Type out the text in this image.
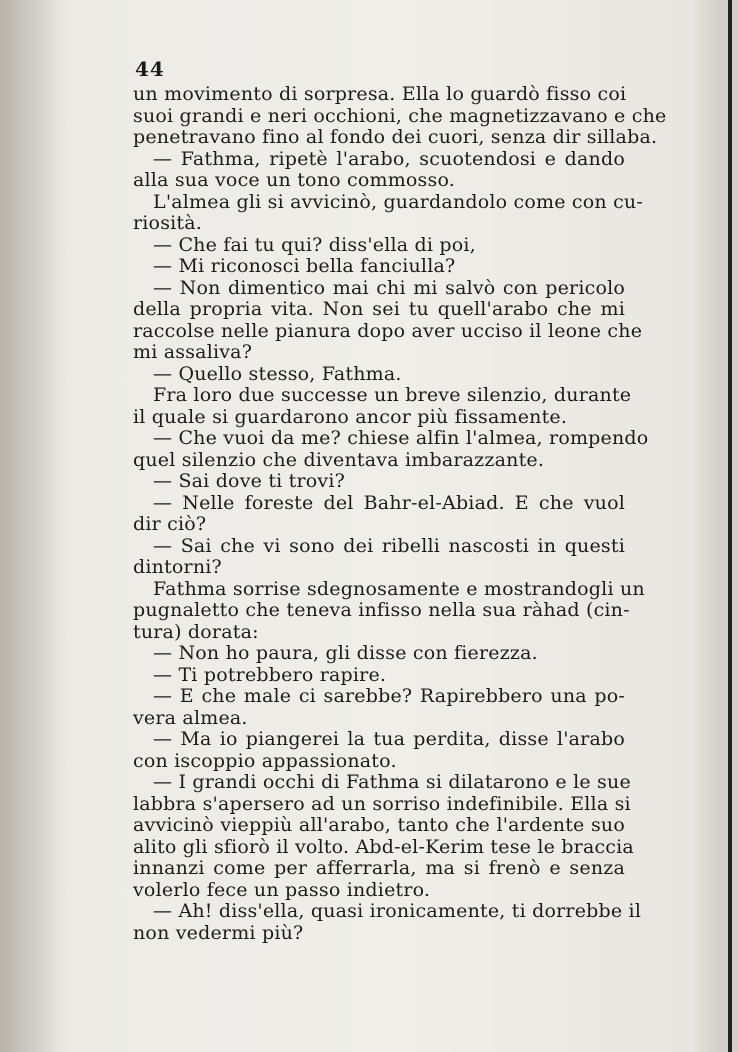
44
un movimento di sorpresa. Ella lo guardò fisso coi
suoi grandi e neri occhioni, che magnetizzavano e che
penetravano fino al fondo dei cuori, senza dir sillaba.
— Fathma, ripetè l'arabo, scuotendosi e dando
alla sua voce un tono commosso.
L'almea gli si avvicinò, guardandolo come con cu-
riosità.
— Che fai tu qui? diss'ella di poi,
— Mi riconosci bella fanciulla?
— Non dimentico mai chi mi salvò con pericolo
della propria vita. Non sei tu quell'arabo che mi
raccolse nelle pianura dopo aver ucciso il leone che
mi assaliva?
— Quello stesso, Fathma.
Fra loro due successe un breve silenzio, durante
il quale si guardarono ancor più fissamente.
— Che vuoi da me? chiese alfin l'almea, rompendo
quel silenzio che diventava imbarazzante.
— Sai dove ti trovi?
— Nelle foreste del Bahr-el-Abiad. E che vuol
dir ciò?
— Sai che vi sono dei ribelli nascosti in questi
dintorni?
Fathma sorrise sdegnosamente e mostrandogli un
pugnaletto che teneva infisso nella sua ràhad (cin-
tura) dorata:
— Non ho paura, gli disse con fierezza.
— Ti potrebbero rapire.
— E che male ci sarebbe? Rapirebbero una po-
vera almea.
— Ma io piangerei la tua perdita, disse l'arabo
con iscoppio appassionato.
— I grandi occhi di Fathma si dilatarono e le sue
labbra s'apersero ad un sorriso indefinibile. Ella si
avvicinò vieppiù all'arabo, tanto che l'ardente suo
alito gli sfiorò il volto. Abd-el-Kerim tese le braccia
innanzi come per afferrarla, ma si frenò e senza
volerlo fece un passo indietro.
— Ah! diss'ella, quasi ironicamente, ti dorrebbe il
non vedermi più?
